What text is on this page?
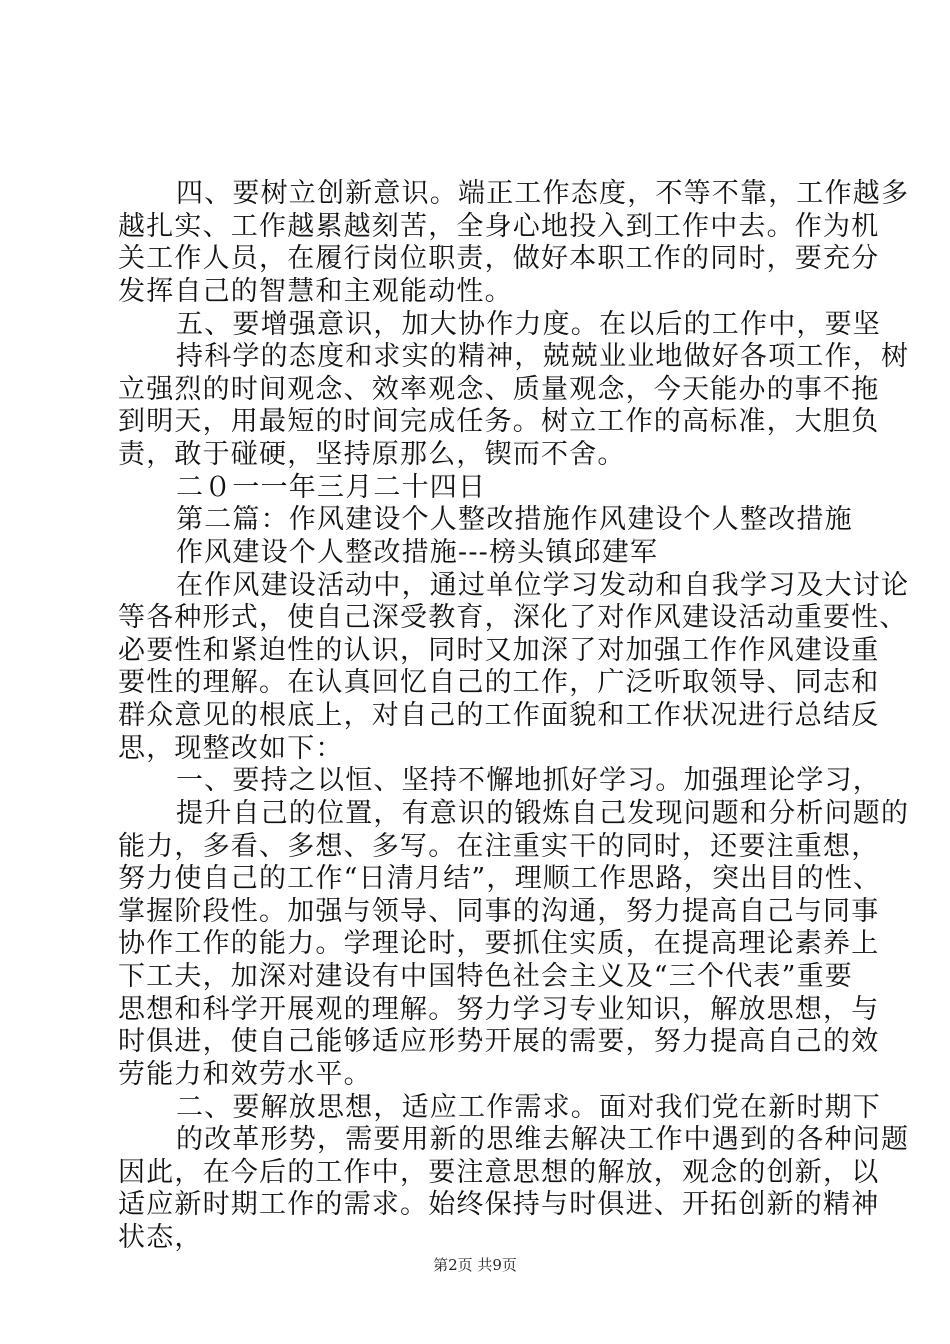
四、要树立创新意识。端正工作态度，不等不靠，工作越多
越扎实、工作越累越刻苦，全身心地投入到工作中去。作为机
关工作人员，在履行岗位职责，做好本职工作的同时，要充分
发挥自己的智慧和主观能动性。
五、要增强意识，加大协作力度。在以后的工作中，要坚
持科学的态度和求实的精神，兢兢业业地做好各项工作，树
立强烈的时间观念、效率观念、质量观念，今天能办的事不拖
到明天，用最短的时间完成任务。树立工作的高标准，大胆负
责，敢于碰硬，坚持原那么，锲而不舍。
二０一一年三月二十四日
第二篇：作风建设个人整改措施作风建设个人整改措施
作风建设个人整改措施---榜头镇邱建军
在作风建设活动中，通过单位学习发动和自我学习及大讨论
等各种形式，使自己深受教育，深化了对作风建设活动重要性、
必要性和紧迫性的认识，同时又加深了对加强工作作风建设重
要性的理解。在认真回忆自己的工作，广泛听取领导、同志和
群众意见的根底上，对自己的工作面貌和工作状况进行总结反
思，现整改如下：
一、要持之以恒、坚持不懈地抓好学习。加强理论学习，
提升自己的位置，有意识的锻炼自己发现问题和分析问题的
能力，多看、多想、多写。在注重实干的同时，还要注重想，
努力使自己的工作“日清月结”，理顺工作思路，突出目的性、
掌握阶段性。加强与领导、同事的沟通，努力提高自己与同事
协作工作的能力。学理论时，要抓住实质，在提高理论素养上
下工夫，加深对建设有中国特色社会主义及“三个代表”重要
思想和科学开展观的理解。努力学习专业知识，解放思想，与
时俱进，使自己能够适应形势开展的需要，努力提高自己的效
劳能力和效劳水平。
二、要解放思想，适应工作需求。面对我们党在新时期下
的改革形势，需要用新的思维去解决工作中遇到的各种问题
因此，在今后的工作中，要注意思想的解放，观念的创新，以
适应新时期工作的需求。始终保持与时俱进、开拓创新的精神
状态，
第2页 共9页
